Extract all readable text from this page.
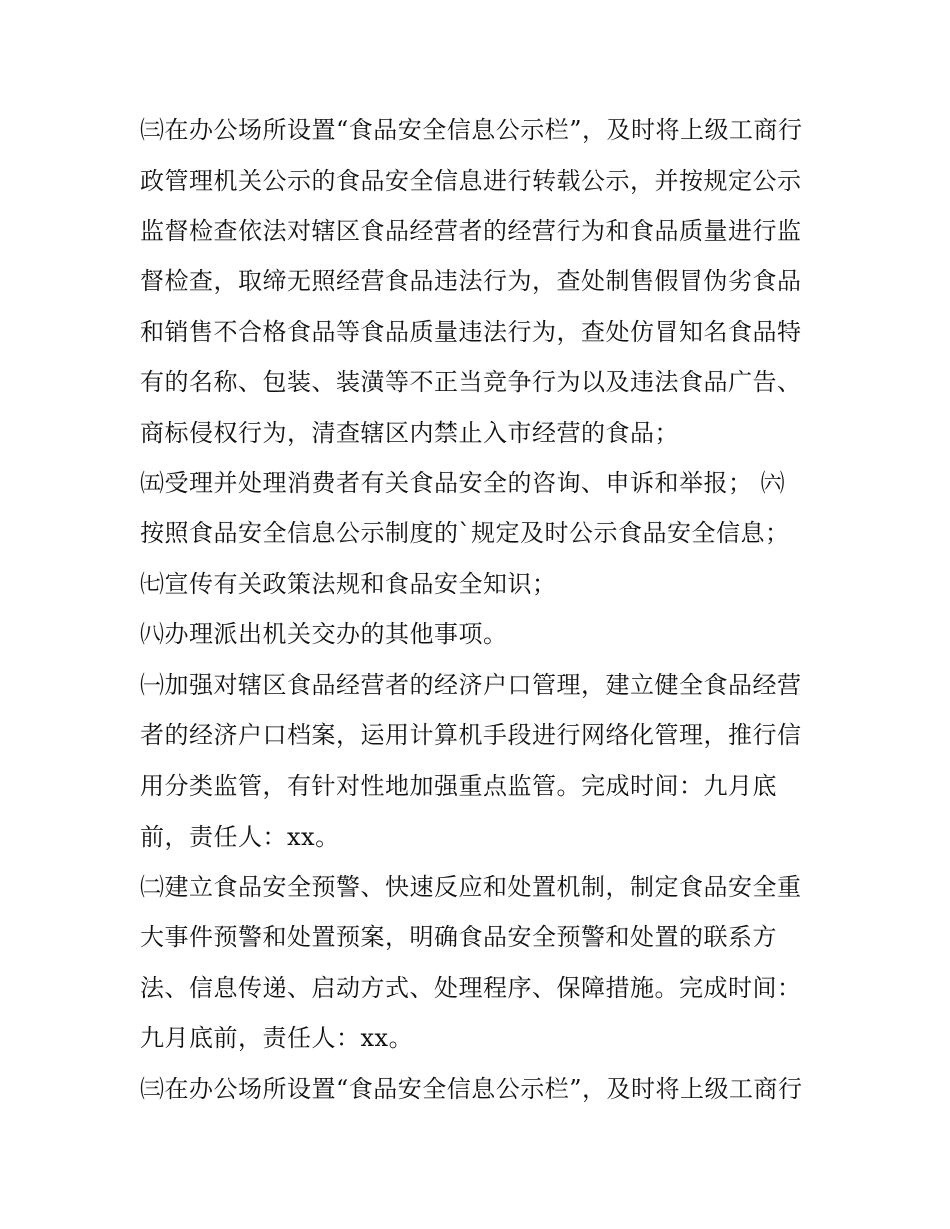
㈢在办公场所设置“食品安全信息公示栏”，及时将上级工商行
政管理机关公示的食品安全信息进行转载公示，并按规定公示
监督检查依法对辖区食品经营者的经营行为和食品质量进行监
督检查，取缔无照经营食品违法行为，查处制售假冒伪劣食品
和销售不合格食品等食品质量违法行为，查处仿冒知名食品特
有的名称、包装、装潢等不正当竞争行为以及违法食品广告、
商标侵权行为，清查辖区内禁止入市经营的食品；
㈤受理并处理消费者有关食品安全的咨询、申诉和举报； ㈥
按照食品安全信息公示制度的`规定及时公示食品安全信息；
㈦宣传有关政策法规和食品安全知识；
㈧办理派出机关交办的其他事项。
㈠加强对辖区食品经营者的经济户口管理，建立健全食品经营
者的经济户口档案，运用计算机手段进行网络化管理，推行信
用分类监管，有针对性地加强重点监管。完成时间：九月底
前，责任人：xx。
㈡建立食品安全预警、快速反应和处置机制，制定食品安全重
大事件预警和处置预案，明确食品安全预警和处置的联系方
法、信息传递、启动方式、处理程序、保障措施。完成时间：
九月底前，责任人：xx。
㈢在办公场所设置“食品安全信息公示栏”，及时将上级工商行
